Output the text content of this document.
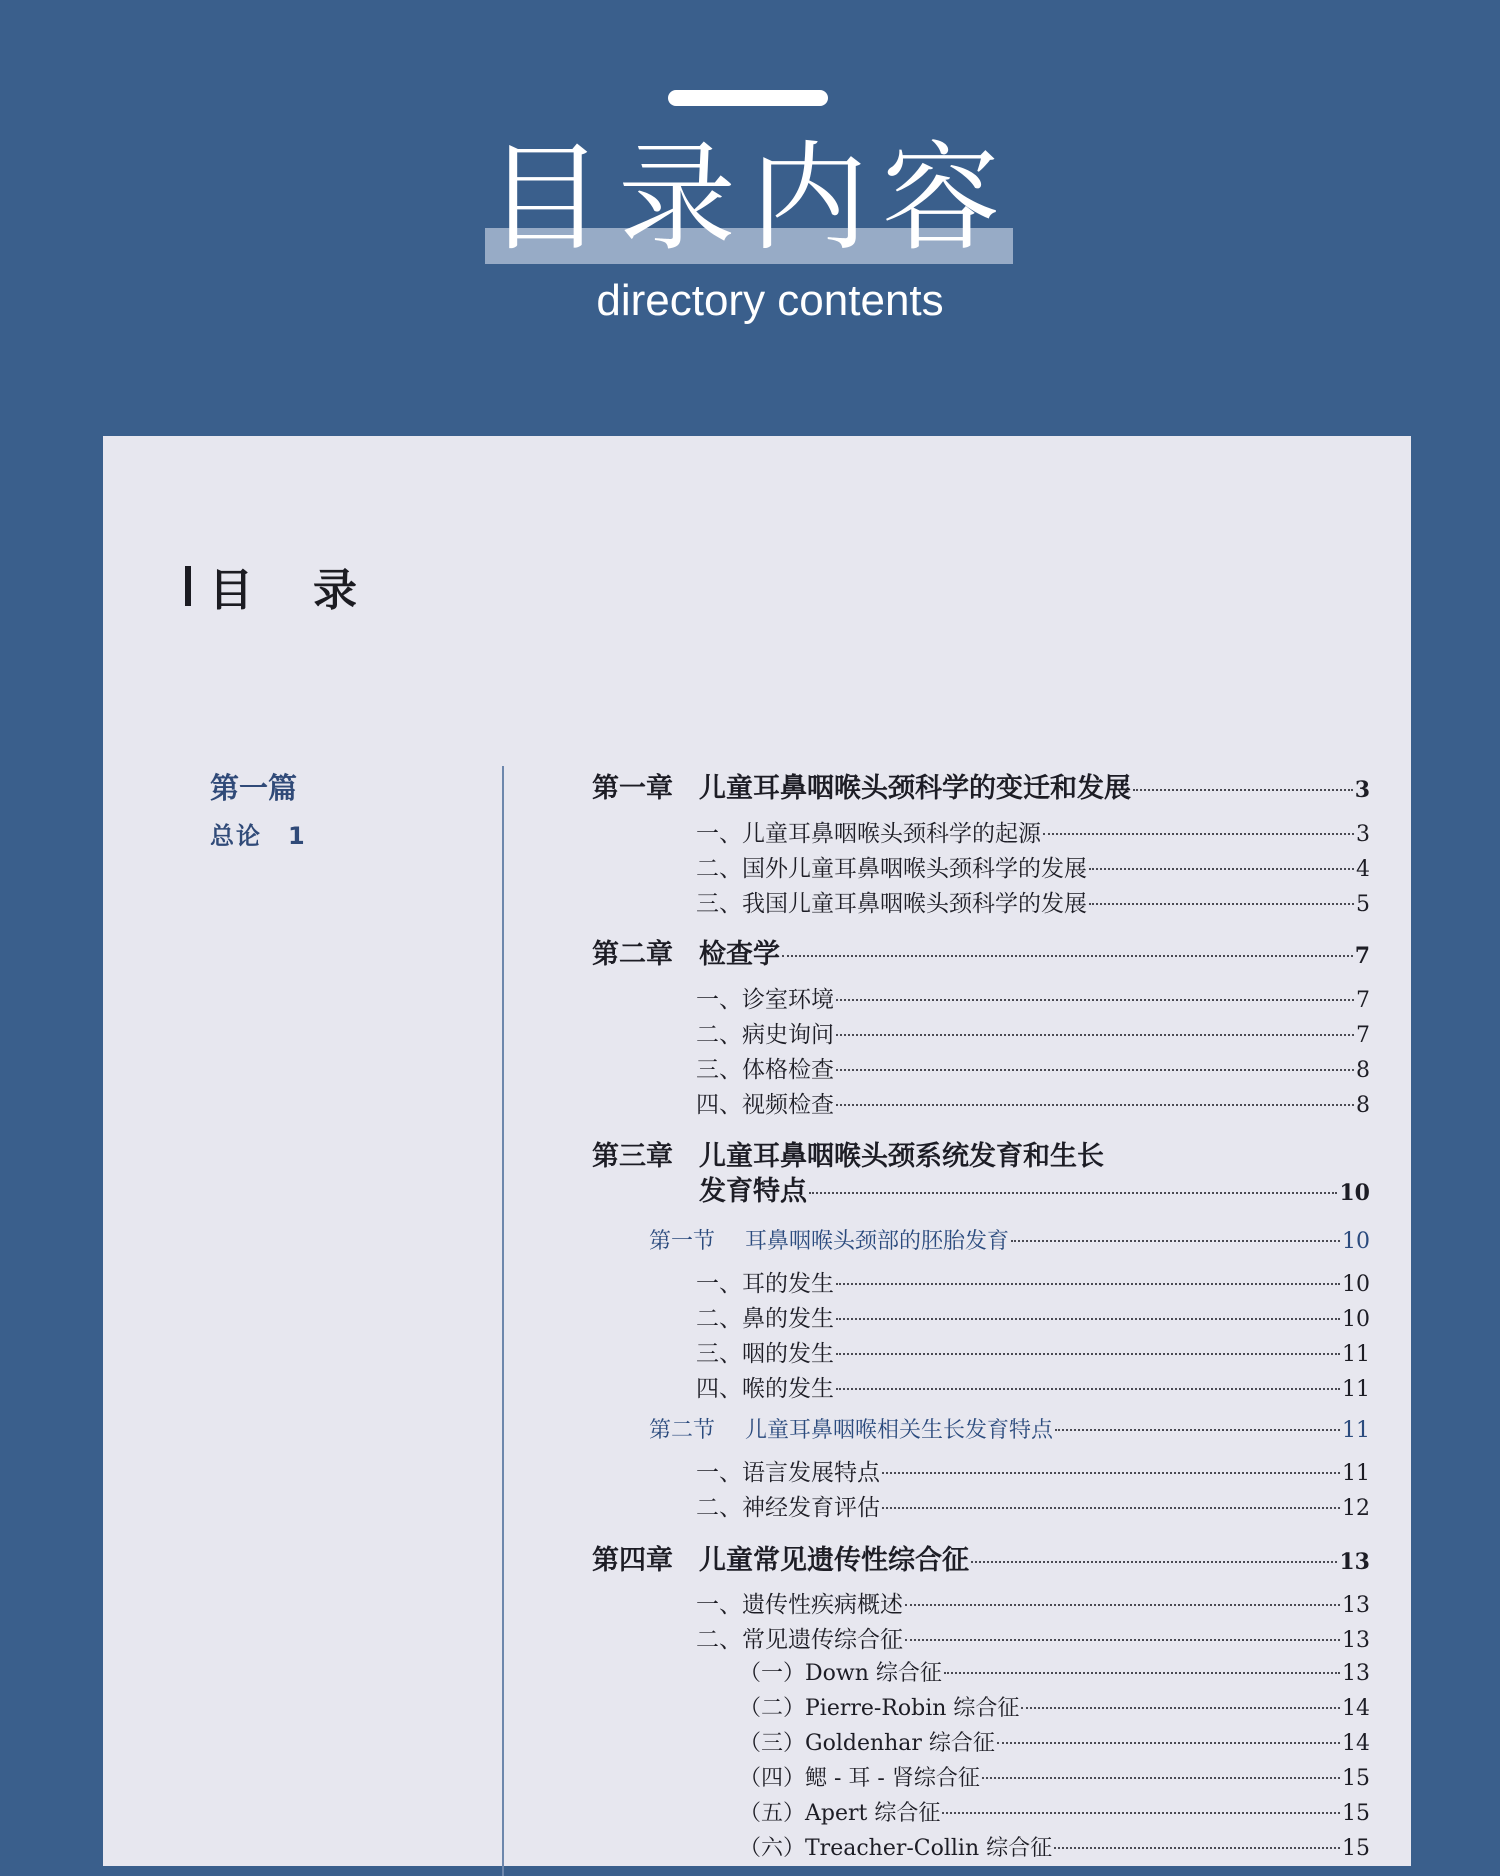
目录内容
directory contents
目 录
第一篇
总论　1
第一章 儿童耳鼻咽喉头颈科学的变迁和发展	3
一、儿童耳鼻咽喉头颈科学的起源	3
二、国外儿童耳鼻咽喉头颈科学的发展	4
三、我国儿童耳鼻咽喉头颈科学的发展	5
第二章 检查学	7
一、诊室环境	7
二、病史询问	7
三、体格检查	8
四、视频检查	8
第三章 儿童耳鼻咽喉头颈系统发育和生长
发育特点	10
第一节 耳鼻咽喉头颈部的胚胎发育	10
一、耳的发生	10
二、鼻的发生	10
三、咽的发生	11
四、喉的发生	11
第二节 儿童耳鼻咽喉相关生长发育特点	11
一、语言发展特点	11
二、神经发育评估	12
第四章 儿童常见遗传性综合征	13
一、遗传性疾病概述	13
二、常见遗传综合征	13
（一）Down 综合征	13
（二）Pierre-Robin 综合征	14
（三）Goldenhar 综合征	14
（四）鳃 - 耳 - 肾综合征	15
（五）Apert 综合征	15
（六）Treacher-Collin 综合征	15
